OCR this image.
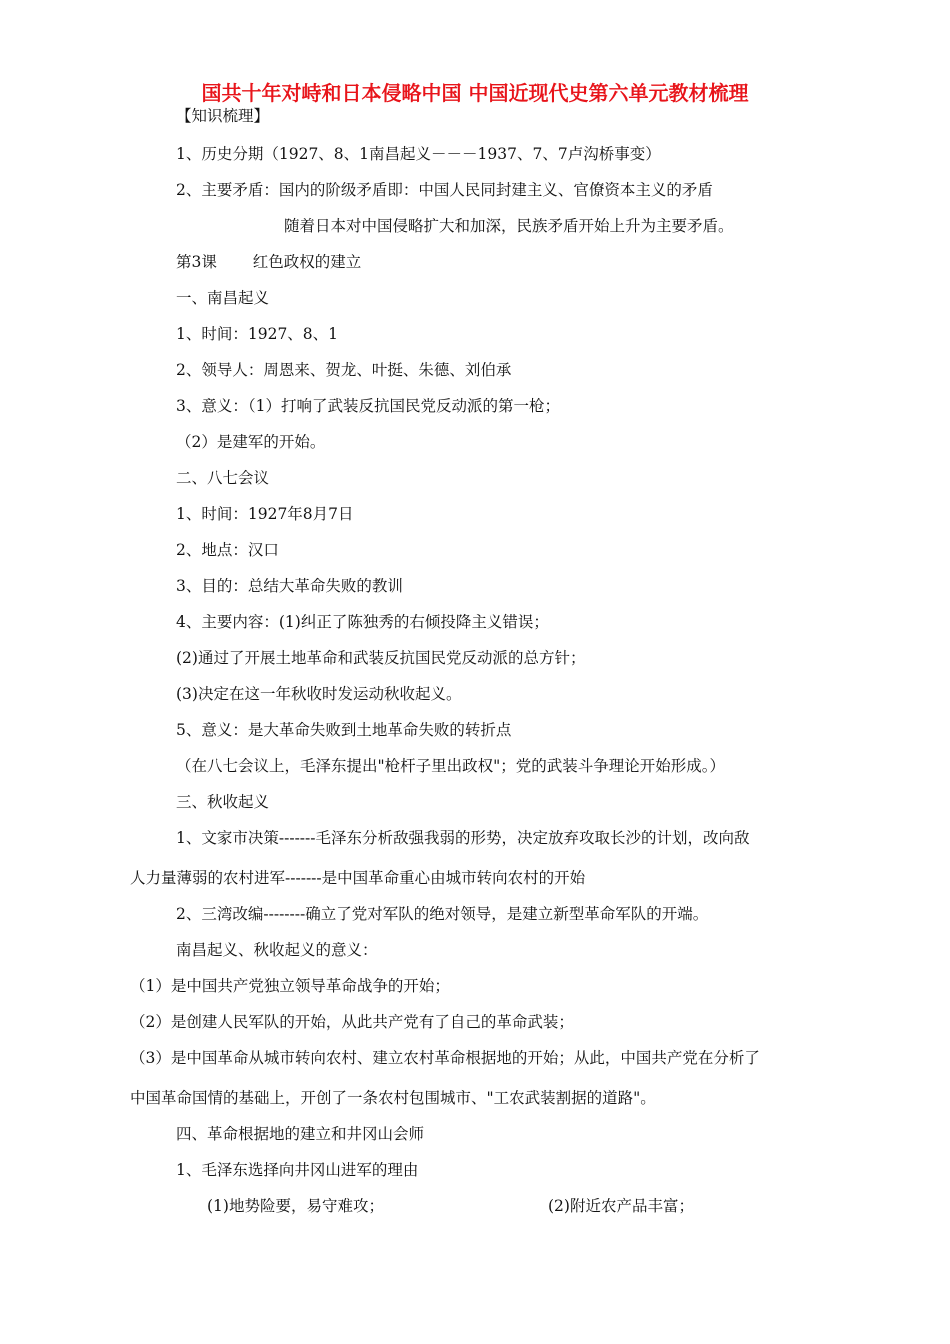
国共十年对峙和日本侵略中国 中国近现代史第六单元教材梳理
【知识梳理】
1、历史分期（1927、8、1南昌起义－－－1937、7、7卢沟桥事变）
2、主要矛盾：国内的阶级矛盾即：中国人民同封建主义、官僚资本主义的矛盾
随着日本对中国侵略扩大和加深，民族矛盾开始上升为主要矛盾。
第3课 　　红色政权的建立
一、南昌起义
1、时间：1927、8、1
2、领导人：周恩来、贺龙、叶挺、朱德、刘伯承
3、意义：（1）打响了武装反抗国民党反动派的第一枪；
（2）是建军的开始。
二、八七会议
1、时间：1927年8月7日
2、地点：汉口
3、目的：总结大革命失败的教训
4、主要内容：(1)纠正了陈独秀的右倾投降主义错误；
(2)通过了开展土地革命和武装反抗国民党反动派的总方针；
(3)决定在这一年秋收时发运动秋收起义。
5、意义：是大革命失败到土地革命失败的转折点
（在八七会议上，毛泽东提出"枪杆子里出政权"；党的武装斗争理论开始形成。）
三、秋收起义
1、文家市决策-------毛泽东分析敌强我弱的形势，决定放弃攻取长沙的计划，改向敌
人力量薄弱的农村进军-------是中国革命重心由城市转向农村的开始
2、三湾改编--------确立了党对军队的绝对领导，是建立新型革命军队的开端。
南昌起义、秋收起义的意义：
（1）是中国共产党独立领导革命战争的开始；
（2）是创建人民军队的开始，从此共产党有了自己的革命武装；
（3）是中国革命从城市转向农村、建立农村革命根据地的开始；从此，中国共产党在分析了
中国革命国情的基础上，开创了一条农村包围城市、"工农武装割据的道路"。
四、革命根据地的建立和井冈山会师
1、毛泽东选择向井冈山进军的理由
(1)地势险要，易守难攻；	(2)附近农产品丰富；
